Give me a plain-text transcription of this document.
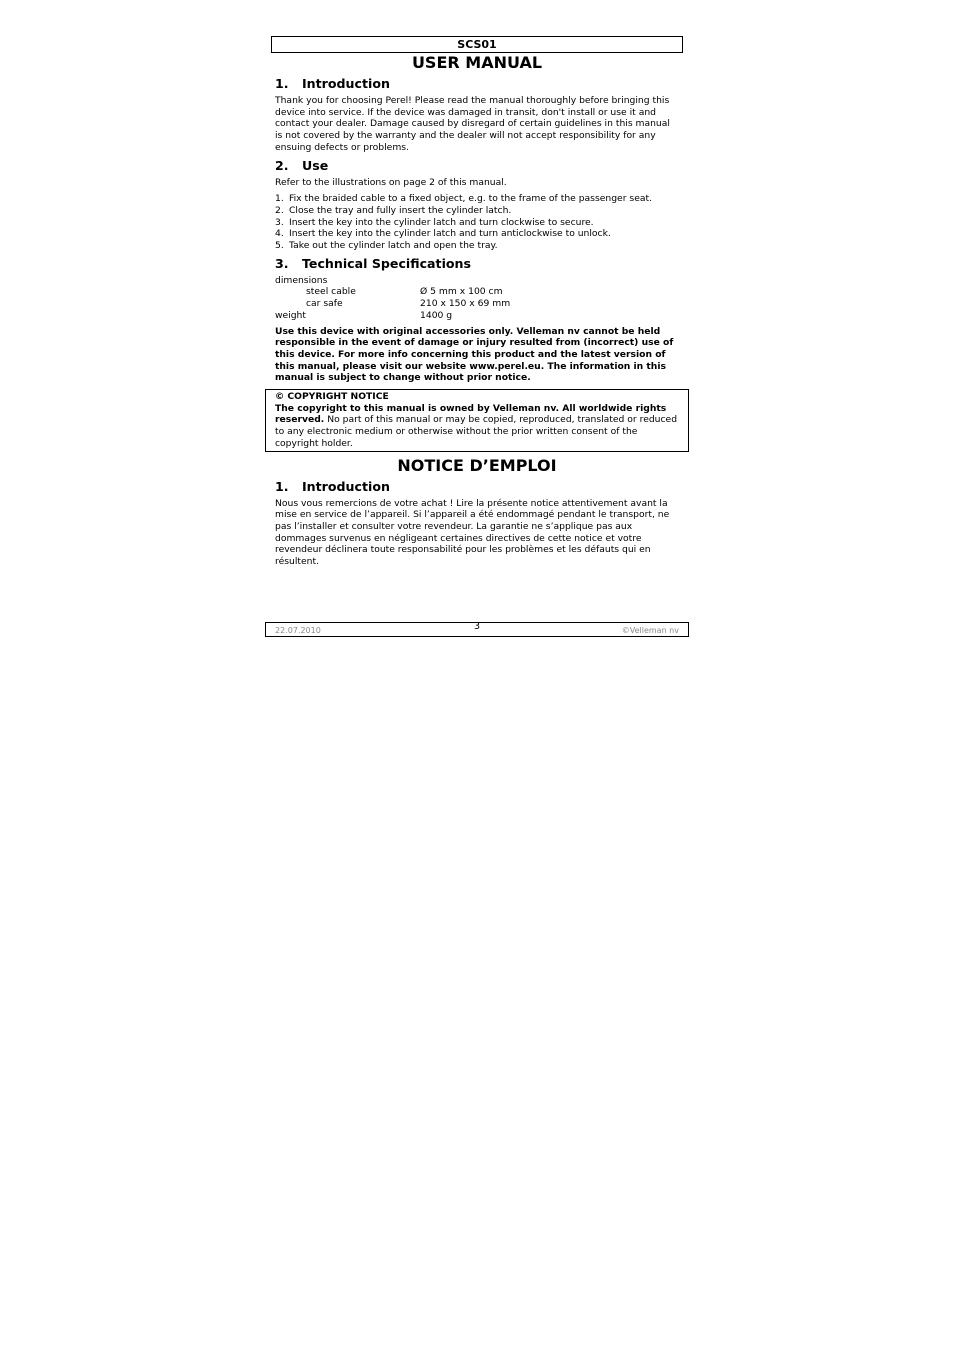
SCS01
USER MANUAL
1. Introduction

Thank you for choosing Perel! Please read the manual thoroughly before bringing this device into service. If the device was damaged in transit, don't install or use it and contact your dealer. Damage caused by disregard of certain guidelines in this manual is not covered by the warranty and the dealer will not accept responsibility for any ensuing defects or problems.

2. Use

Refer to the illustrations on page 2 of this manual.

1. Fix the braided cable to a fixed object, e.g. to the frame of the passenger seat.
2. Close the tray and fully insert the cylinder latch.
3. Insert the key into the cylinder latch and turn clockwise to secure.
4. Insert the key into the cylinder latch and turn anticlockwise to unlock.
5. Take out the cylinder latch and open the tray.
3. Technical Specifications
dimensions
steel cable	Ø 5 mm x 100 cm
car safe	210 x 150 x 69 mm
weight	1400 g

Use this device with original accessories only. Velleman nv cannot be held responsible in the event of damage or injury resulted from (incorrect) use of this device. For more info concerning this product and the latest version of this manual, please visit our website www.perel.eu. The information in this manual is subject to change without prior notice.

© COPYRIGHT NOTICE

The copyright to this manual is owned by Velleman nv. All worldwide rights reserved. No part of this manual or may be copied, reproduced, translated or reduced to any electronic medium or otherwise without the prior written consent of the copyright holder.

NOTICE D’EMPLOI
1. Introduction

Nous vous remercions de votre achat ! Lire la présente notice attentivement avant la mise en service de l’appareil. Si l’appareil a été endommagé pendant le transport, ne pas l’installer et consulter votre revendeur. La garantie ne s’applique pas aux dommages survenus en négligeant certaines directives de cette notice et votre revendeur déclinera toute responsabilité pour les problèmes et les défauts qui en résultent.

22.07.2010	3	©Velleman nv
